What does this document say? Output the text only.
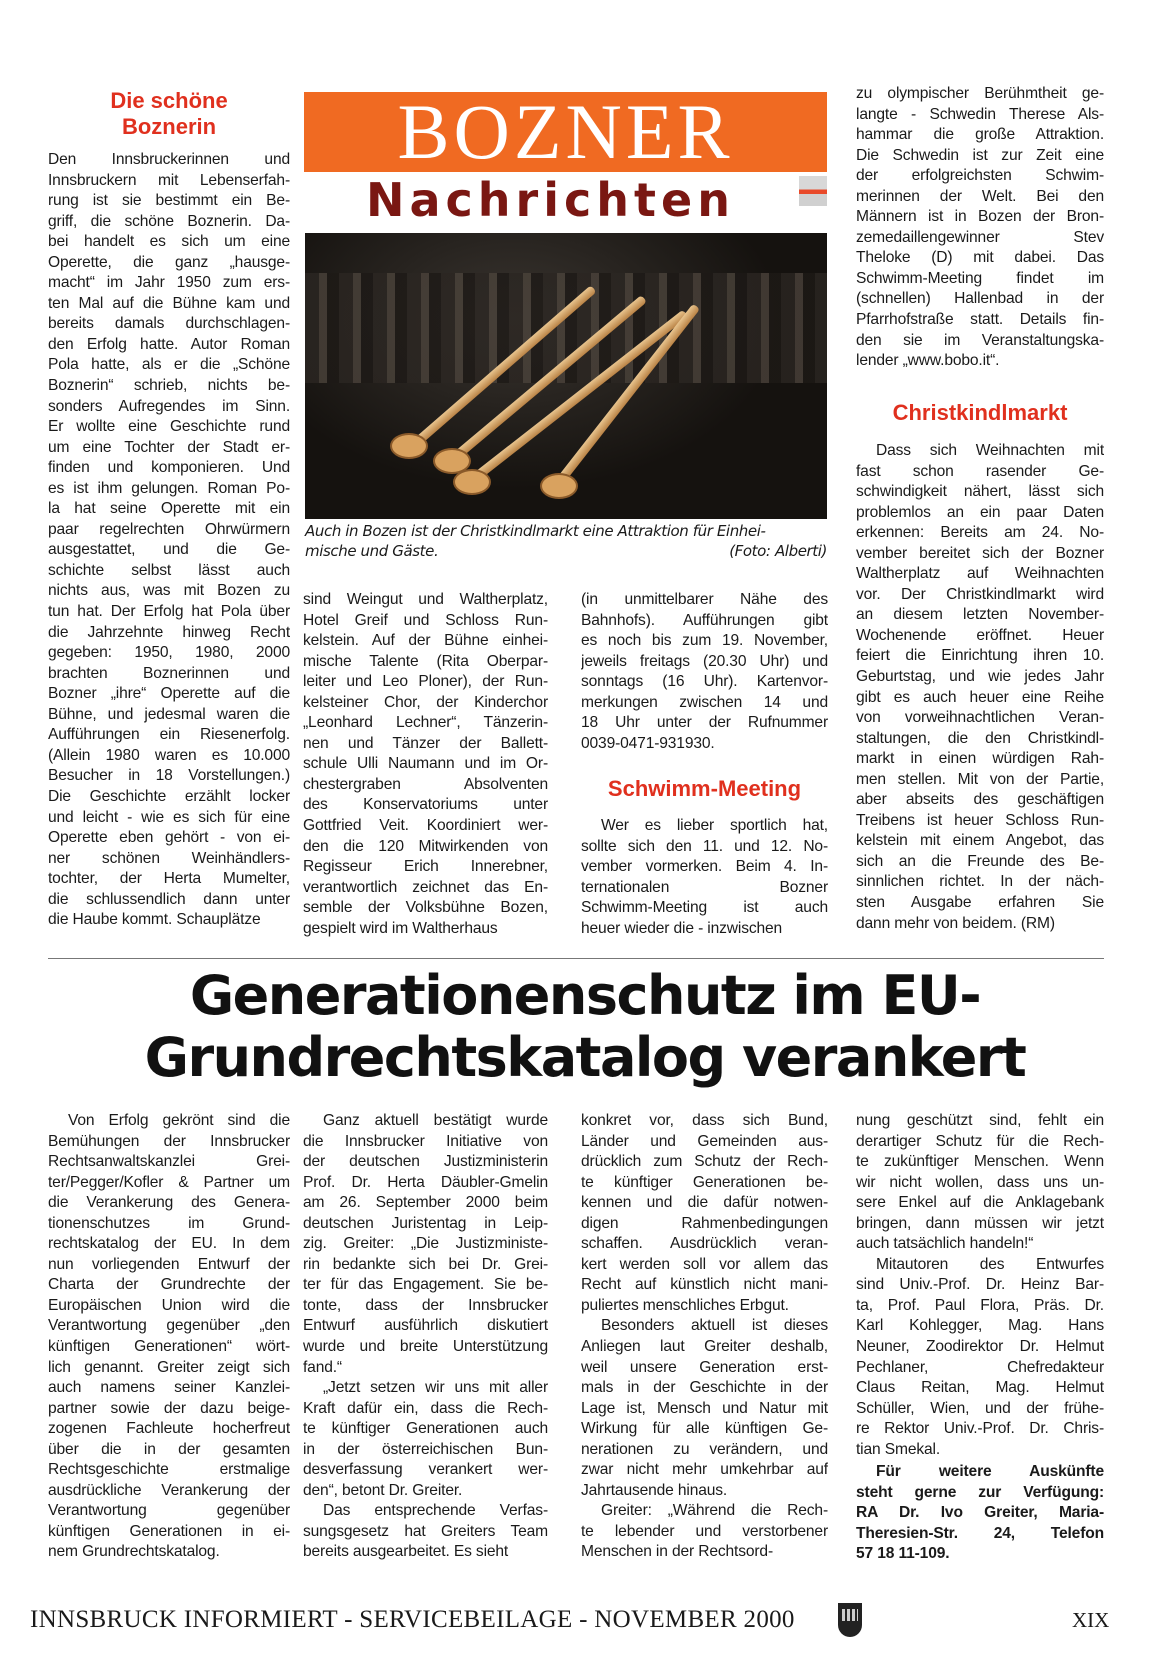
BOZNER
Nachrichten
Auch in Bozen ist der Christkindlmarkt eine Attraktion für Einhei-
mische und Gäste.	(Foto: Alberti)
Die schöne
Boznerin
Den Innsbruckerinnen und
Innsbruckern mit Lebenserfah-
rung ist sie bestimmt ein Be-
griff, die schöne Boznerin. Da-
bei handelt es sich um eine
Operette, die ganz „hausge-
macht“ im Jahr 1950 zum ers-
ten Mal auf die Bühne kam und
bereits damals durchschlagen-
den Erfolg hatte. Autor Roman
Pola hatte, als er die „Schöne
Boznerin“ schrieb, nichts be-
sonders Aufregendes im Sinn.
Er wollte eine Geschichte rund
um eine Tochter der Stadt er-
finden und komponieren. Und
es ist ihm gelungen. Roman Po-
la hat seine Operette mit ein
paar regelrechten Ohrwürmern
ausgestattet, und die Ge-
schichte selbst lässt auch
nichts aus, was mit Bozen zu
tun hat. Der Erfolg hat Pola über
die Jahrzehnte hinweg Recht
gegeben: 1950, 1980, 2000
brachten Boznerinnen und
Bozner „ihre“ Operette auf die
Bühne, und jedesmal waren die
Aufführungen ein Riesenerfolg.
(Allein 1980 waren es 10.000
Besucher in 18 Vorstellungen.)
Die Geschichte erzählt locker
und leicht - wie es sich für eine
Operette eben gehört - von ei-
ner schönen Weinhändlers-
tochter, der Herta Mumelter,
die schlussendlich dann unter
die Haube kommt. Schauplätze
sind Weingut und Waltherplatz,
Hotel Greif und Schloss Run-
kelstein. Auf der Bühne einhei-
mische Talente (Rita Oberpar-
leiter und Leo Ploner), der Run-
kelsteiner Chor, der Kinderchor
„Leonhard Lechner“, Tänzerin-
nen und Tänzer der Ballett-
schule Ulli Naumann und im Or-
chestergraben Absolventen
des Konservatoriums unter
Gottfried Veit. Koordiniert wer-
den die 120 Mitwirkenden von
Regisseur Erich Innerebner,
verantwortlich zeichnet das En-
semble der Volksbühne Bozen,
gespielt wird im Waltherhaus
(in unmittelbarer Nähe des
Bahnhofs). Aufführungen gibt
es noch bis zum 19. November,
jeweils freitags (20.30 Uhr) und
sonntags (16 Uhr). Kartenvor-
merkungen zwischen 14 und
18 Uhr unter der Rufnummer
0039-0471-931930.
Schwimm-Meeting
Wer es lieber sportlich hat,
sollte sich den 11. und 12. No-
vember vormerken. Beim 4. In-
ternationalen Bozner
Schwimm-Meeting ist auch
heuer wieder die - inzwischen
zu olympischer Berühmtheit ge-
langte - Schwedin Therese Als-
hammar die große Attraktion.
Die Schwedin ist zur Zeit eine
der erfolgreichsten Schwim-
merinnen der Welt. Bei den
Männern ist in Bozen der Bron-
zemedaillengewinner Stev
Theloke (D) mit dabei. Das
Schwimm-Meeting findet im
(schnellen) Hallenbad in der
Pfarrhofstraße statt. Details fin-
den sie im Veranstaltungska-
lender „www.bobo.it“.
Christkindlmarkt
Dass sich Weihnachten mit
fast schon rasender Ge-
schwindigkeit nähert, lässt sich
problemlos an ein paar Daten
erkennen: Bereits am 24. No-
vember bereitet sich der Bozner
Waltherplatz auf Weihnachten
vor. Der Christkindlmarkt wird
an diesem letzten November-
Wochenende eröffnet. Heuer
feiert die Einrichtung ihren 10.
Geburtstag, und wie jedes Jahr
gibt es auch heuer eine Reihe
von vorweihnachtlichen Veran-
staltungen, die den Christkindl-
markt in einen würdigen Rah-
men stellen. Mit von der Partie,
aber abseits des geschäftigen
Treibens ist heuer Schloss Run-
kelstein mit einem Angebot, das
sich an die Freunde des Be-
sinnlichen richtet. In der näch-
sten Ausgabe erfahren Sie
dann mehr von beidem. (RM)
Generationenschutz im EU-
Grundrechtskatalog verankert
Von Erfolg gekrönt sind die
Bemühungen der Innsbrucker
Rechtsanwaltskanzlei Grei-
ter/Pegger/Kofler & Partner um
die Verankerung des Genera-
tionenschutzes im Grund-
rechtskatalog der EU. In dem
nun vorliegenden Entwurf der
Charta der Grundrechte der
Europäischen Union wird die
Verantwortung gegenüber „den
künftigen Generationen“ wört-
lich genannt. Greiter zeigt sich
auch namens seiner Kanzlei-
partner sowie der dazu beige-
zogenen Fachleute hocherfreut
über die in der gesamten
Rechtsgeschichte erstmalige
ausdrückliche Verankerung der
Verantwortung gegenüber
künftigen Generationen in ei-
nem Grundrechtskatalog.
Ganz aktuell bestätigt wurde
die Innsbrucker Initiative von
der deutschen Justizministerin
Prof. Dr. Herta Däubler-Gmelin
am 26. September 2000 beim
deutschen Juristentag in Leip-
zig. Greiter: „Die Justizministe-
rin bedankte sich bei Dr. Grei-
ter für das Engagement. Sie be-
tonte, dass der Innsbrucker
Entwurf ausführlich diskutiert
wurde und breite Unterstützung
fand.“
„Jetzt setzen wir uns mit aller
Kraft dafür ein, dass die Rech-
te künftiger Generationen auch
in der österreichischen Bun-
desverfassung verankert wer-
den“, betont Dr. Greiter.
Das entsprechende Verfas-
sungsgesetz hat Greiters Team
bereits ausgearbeitet. Es sieht
konkret vor, dass sich Bund,
Länder und Gemeinden aus-
drücklich zum Schutz der Rech-
te künftiger Generationen be-
kennen und die dafür notwen-
digen Rahmenbedingungen
schaffen. Ausdrücklich veran-
kert werden soll vor allem das
Recht auf künstlich nicht mani-
puliertes menschliches Erbgut.
Besonders aktuell ist dieses
Anliegen laut Greiter deshalb,
weil unsere Generation erst-
mals in der Geschichte in der
Lage ist, Mensch und Natur mit
Wirkung für alle künftigen Ge-
nerationen zu verändern, und
zwar nicht mehr umkehrbar auf
Jahrtausende hinaus.
Greiter: „Während die Rech-
te lebender und verstorbener
Menschen in der Rechtsord-
nung geschützt sind, fehlt ein
derartiger Schutz für die Rech-
te zukünftiger Menschen. Wenn
wir nicht wollen, dass uns un-
sere Enkel auf die Anklagebank
bringen, dann müssen wir jetzt
auch tatsächlich handeln!“
Mitautoren des Entwurfes
sind Univ.-Prof. Dr. Heinz Bar-
ta, Prof. Paul Flora, Präs. Dr.
Karl Kohlegger, Mag. Hans
Neuner, Zoodirektor Dr. Helmut
Pechlaner, Chefredakteur
Claus Reitan, Mag. Helmut
Schüller, Wien, und der frühe-
re Rektor Univ.-Prof. Dr. Chris-
tian Smekal.
Für weitere Auskünfte
steht gerne zur Verfügung:
RA Dr. Ivo Greiter, Maria-
Theresien-Str. 24, Telefon
57 18 11-109.
INNSBRUCK INFORMIERT - SERVICEBEILAGE - NOVEMBER 2000	XIX
